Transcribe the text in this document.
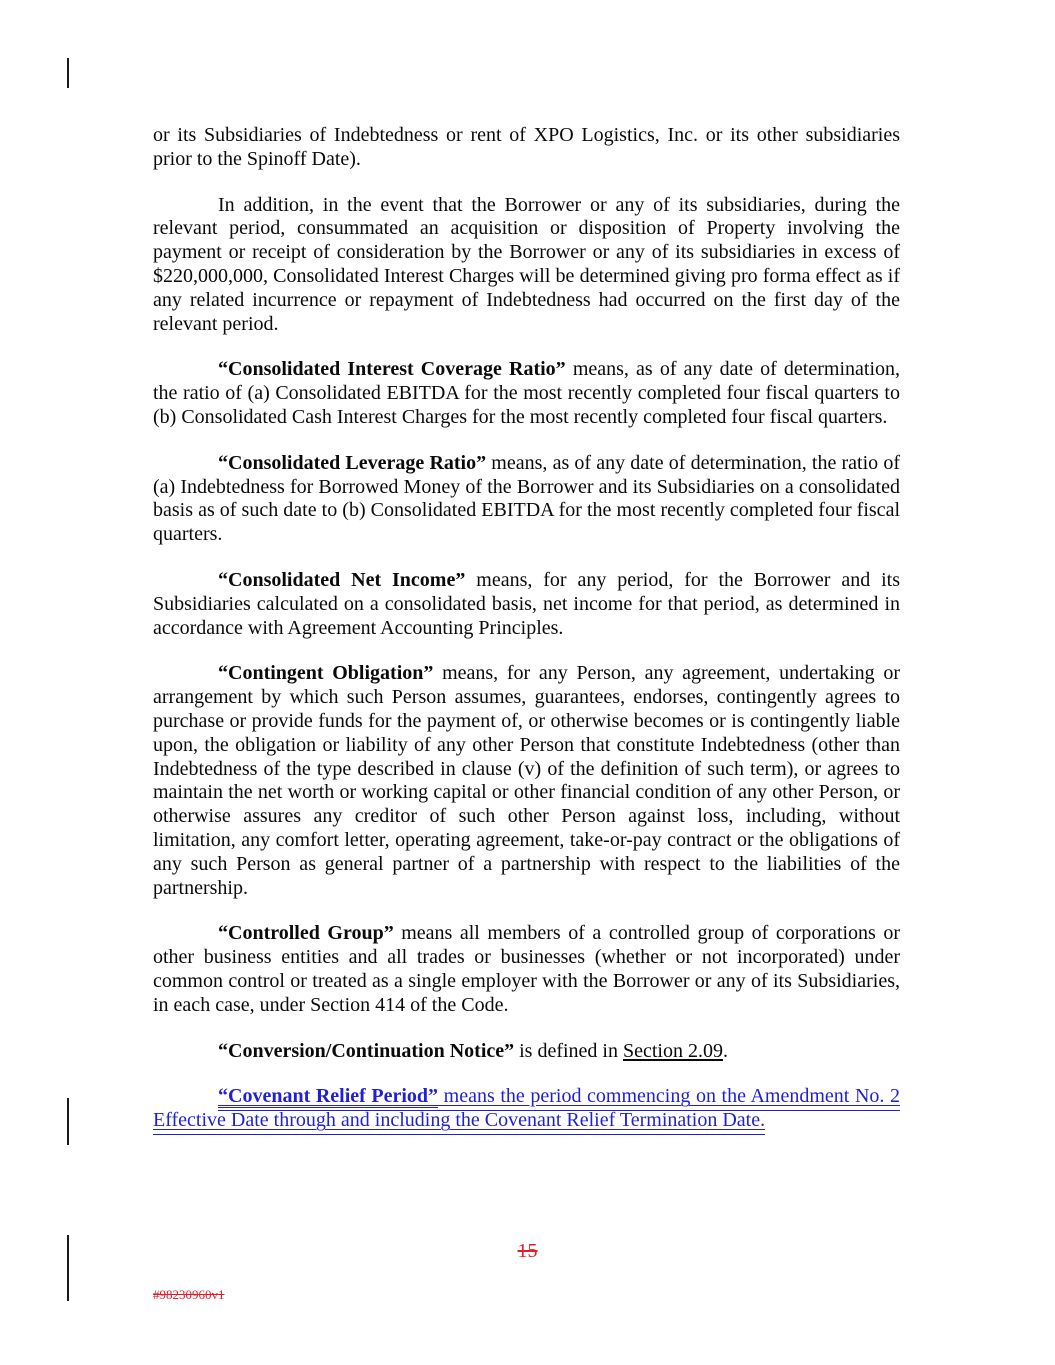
or its Subsidiaries of Indebtedness or rent of XPO Logistics, Inc. or its other subsidiaries prior to the Spinoff Date).

In addition, in the event that the Borrower or any of its subsidiaries, during the relevant period, consummated an acquisition or disposition of Property involving the payment or receipt of consideration by the Borrower or any of its subsidiaries in excess of $220,000,000, Consolidated Interest Charges will be determined giving pro forma effect as if any related incurrence or repayment of Indebtedness had occurred on the first day of the relevant period.

“Consolidated Interest Coverage Ratio” means, as of any date of determination, the ratio of (a) Consolidated EBITDA for the most recently completed four fiscal quarters to (b) Consolidated Cash Interest Charges for the most recently completed four fiscal quarters.

“Consolidated Leverage Ratio” means, as of any date of determination, the ratio of (a) Indebtedness for Borrowed Money of the Borrower and its Subsidiaries on a consolidated basis as of such date to (b) Consolidated EBITDA for the most recently completed four fiscal quarters.

“Consolidated Net Income” means, for any period, for the Borrower and its Subsidiaries calculated on a consolidated basis, net income for that period, as determined in accordance with Agreement Accounting Principles.

“Contingent Obligation” means, for any Person, any agreement, undertaking or arrangement by which such Person assumes, guarantees, endorses, contingently agrees to purchase or provide funds for the payment of, or otherwise becomes or is contingently liable upon, the obligation or liability of any other Person that constitute Indebtedness (other than Indebtedness of the type described in clause (v) of the definition of such term), or agrees to maintain the net worth or working capital or other financial condition of any other Person, or otherwise assures any creditor of such other Person against loss, including, without limitation, any comfort letter, operating agreement, take-or-pay contract or the obligations of any such Person as general partner of a partnership with respect to the liabilities of the partnership.

“Controlled Group” means all members of a controlled group of corporations or other business entities and all trades or businesses (whether or not incorporated) under common control or treated as a single employer with the Borrower or any of its Subsidiaries, in each case, under Section 414 of the Code.

“Conversion/Continuation Notice” is defined in Section 2.09.

“Covenant Relief Period” means the period commencing on the Amendment No. 2 Effective Date through and including the Covenant Relief Termination Date.

15
#98230960v1
